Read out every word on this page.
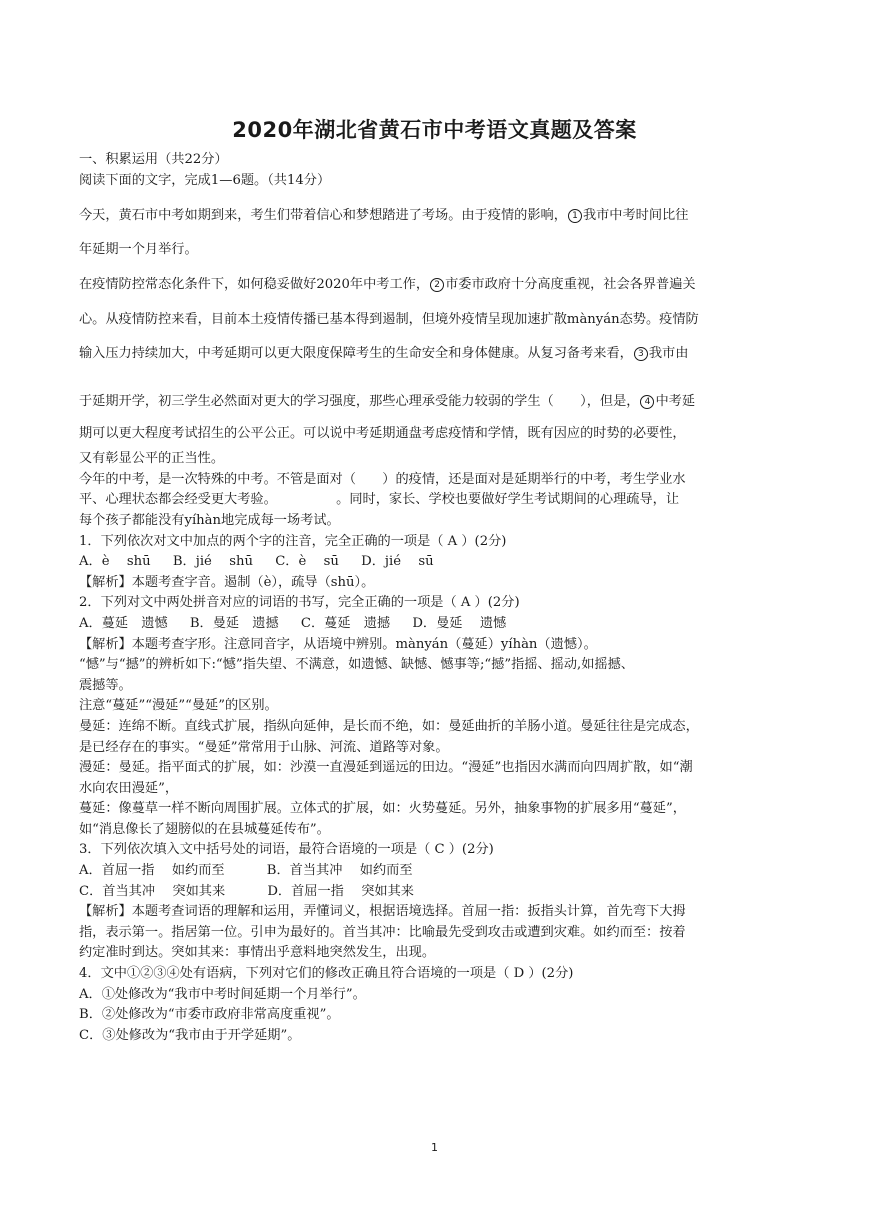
2020年湖北省黄石市中考语文真题及答案

一、积累运用（共22分）

阅读下面的文字，完成1—6题。（共14分）

今天，黄石市中考如期到来，考生们带着信心和梦想踏进了考场。由于疫情的影响， 1 我市中考时间比往

年延期一个月举行。

在疫情防控常态化条件下，如何稳妥做好2020年中考工作， 2 市委市政府十分高度重视，社会各界普遍关

心。从疫情防控来看，目前本土疫情传播已基本得到遏制，但境外疫情呈现加速扩散mànyán态势。疫情防

输入压力持续加大，中考延期可以更大限度保障考生的生命安全和身体健康。从复习备考来看， 3 我市由

于延期开学，初三学生必然面对更大的学习强度，那些心理承受能力较弱的学生（　　），但是， 4 中考延

期可以更大程度考试招生的公平公正。可以说中考延期通盘考虑疫情和学情，既有因应的时势的必要性，

又有彰显公平的正当性。

今年的中考，是一次特殊的中考。不管是面对（　　）的疫情，还是面对是延期举行的中考，考生学业水

平、心理状态都会经受更大考验。　　　　　。同时，家长、学校也要做好学生考试期间的心理疏导，让

每个孩子都能没有yíhàn地完成每一场考试。

1．下列依次对文中加点的两个字的注音，完全正确的一项是（ A ）(2分)

A．è　 shū B．jié　 shū C．è　 sū D．jié　 sū

【解析】本题考查字音。遏制（è），疏导（shū）。

2．下列对文中两处拼音对应的词语的书写，完全正确的一项是（ A ）(2分)

A．蔓延　遗憾 B．曼延　遗撼 C．蔓延　遗撼 D．曼延　 遗憾

【解析】本题考查字形。注意同音字，从语境中辨别。mànyán（蔓延）yíhàn（遗憾）。

“憾”与“撼”的辨析如下:“憾”指失望、不满意，如遗憾、缺憾、憾事等;“撼”指摇、摇动,如摇撼、

震撼等。

注意“蔓延”“漫延”“曼延”的区别。

曼延：连绵不断。直线式扩展，指纵向延伸，是长而不绝，如：曼延曲折的羊肠小道。曼延往往是完成态，

是已经存在的事实。“曼延”常常用于山脉、河流、道路等对象。

漫延：曼延。指平面式的扩展，如：沙漠一直漫延到遥远的田边。“漫延”也指因水满而向四周扩散，如“潮

水向农田漫延”，

蔓延：像蔓草一样不断向周围扩展。立体式的扩展，如：火势蔓延。另外，抽象事物的扩展多用“蔓延”，

如“消息像长了翅膀似的在县城蔓延传布”。

3．下列依次填入文中括号处的词语，最符合语境的一项是（ C ）(2分)

A．首屈一指　 如约而至	B．首当其冲　 如约而至

C．首当其冲　 突如其来	D．首屈一指　 突如其来

【解析】本题考查词语的理解和运用，弄懂词义，根据语境选择。首屈一指：扳指头计算，首先弯下大拇

指，表示第一。指居第一位。引申为最好的。首当其冲：比喻最先受到攻击或遭到灾难。如约而至：按着

约定准时到达。突如其来：事情出乎意料地突然发生，出现。

4．文中①②③④处有语病，下列对它们的修改正确且符合语境的一项是（ D ）(2分)

A．①处修改为“我市中考时间延期一个月举行”。

B．②处修改为“市委市政府非常高度重视”。

C．③处修改为“我市由于开学延期”。

1
